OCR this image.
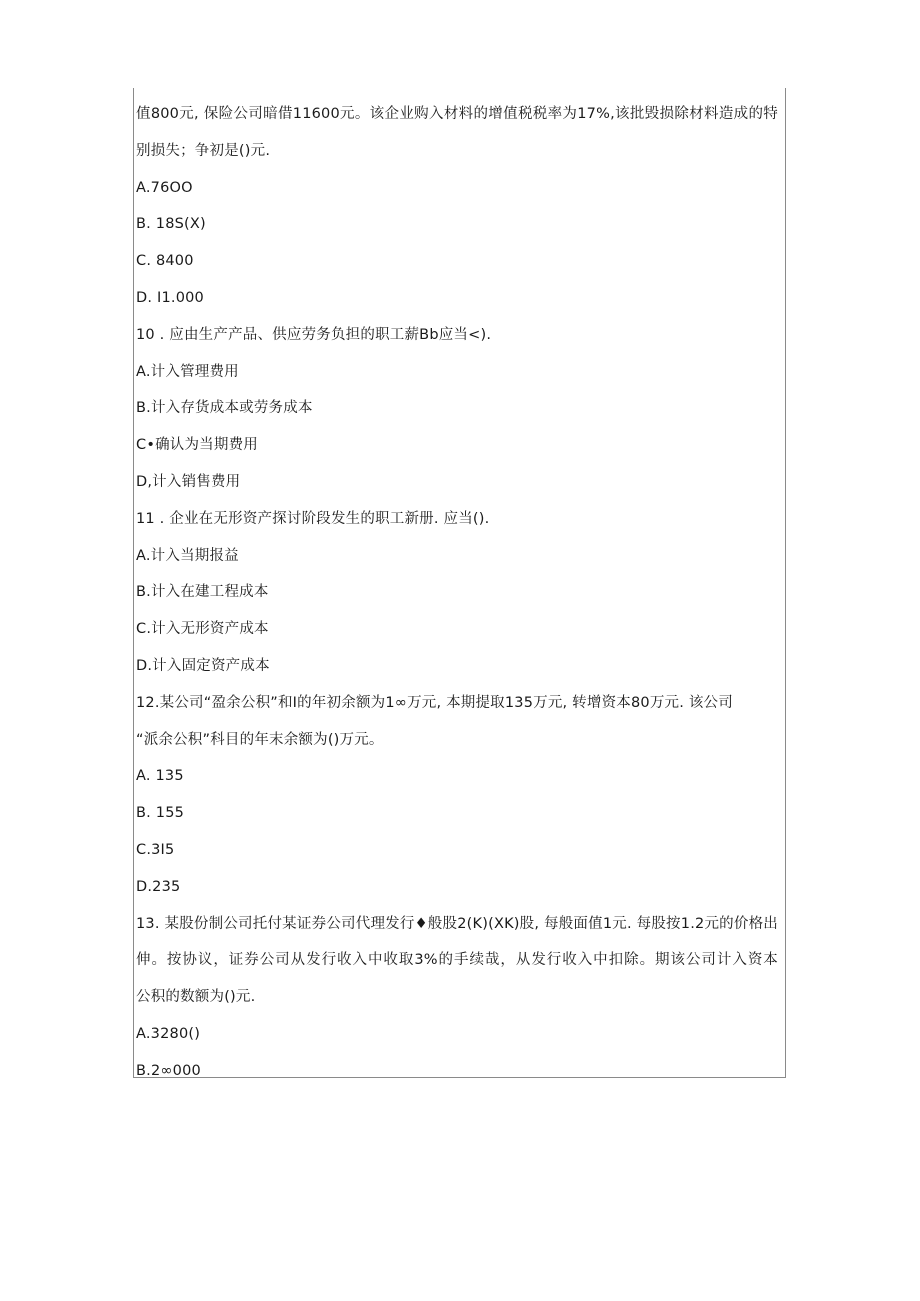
值800元, 保险公司暗借11600元。该企业购入材料的增值税税率为17%,该批毁损除材料造成的特
别损失；争初是()元.
A.76OO
B. 18S(X)
C. 8400
D. I1.000
10 . 应由生产产品、供应劳务负担的职工薪Bb应当<).
A.计入管理费用
B.计入存货成本或劳务成本
C•确认为当期费用
D,计入销售费用
11 . 企业在无形资产探讨阶段发生的职工新册. 应当().
A.计入当期报益
B.计入在建工程成本
C.计入无形资产成本
D.计入固定资产成本
12.某公司“盈余公积”和I的年初余额为1∞万元, 本期提取135万元, 转增资本80万元. 该公司
“派余公积”科目的年末余额为()万元。
A. 135
B. 155
C.3I5
D.235
13. 某股份制公司托付某证券公司代理发行♦般股2(K)(XK)股, 每般面值1元. 每股按1.2元的价格出
伸。按协议，证券公司从发行收入中收取3%的手续哉，从发行收入中扣除。期该公司计入资本
公积的数额为()元.
A.3280()
B.2∞000
